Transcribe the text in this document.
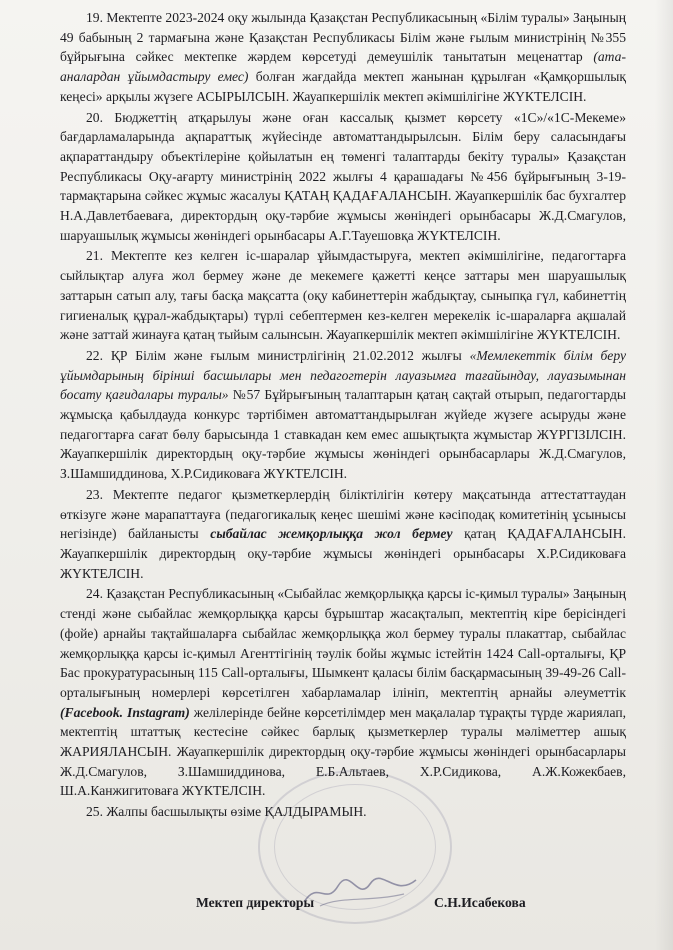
19. Мектепте 2023-2024 оқу жылында Қазақстан Республикасының «Білім туралы» Заңының 49 бабының 2 тармағына және Қазақстан Республикасы Білім және ғылым министрінің №355 бұйрығына сәйкес мектепке жәрдем көрсетуді демеушілік танытатын меценаттар (ата-аналардан ұйымдастыру емес) болған жағдайда мектеп жанынан құрылған «Қамқоршылық кеңесі» арқылы жүзеге АСЫРЫЛСЫН. Жауапкершілік мектеп әкімшілігіне ЖҮКТЕЛСІН.

20. Бюджеттің атқарылуы және оған кассалық қызмет көрсету «1С»/«1С-Мекеме» бағдарламаларында ақпараттық жүйесінде автоматтандырылсын. Білім беру саласындағы ақпараттандыру объектілеріне қойылатын ең төменгі талаптарды бекіту туралы» Қазақстан Республикасы Оқу-ағарту министрінің 2022 жылғы 4 қарашадағы №456 бұйрығының 3-19-тармақтарына сәйкес жұмыс жасалуы ҚАТАҢ ҚАДАҒАЛАНСЫН. Жауапкершілік бас бухгалтер Н.А.Давлетбаеваға, директордың оқу-тәрбие жұмысы жөніндегі орынбасары Ж.Д.Смагулов, шаруашылық жұмысы жөніндегі орынбасары А.Г.Тауешовқа ЖҮКТЕЛСІН.

21. Мектепте кез келген іс-шаралар ұйымдастыруға, мектеп әкімшілігіне, педагогтарға сыйлықтар алуға жол бермеу және де мекемеге қажетті кеңсе заттары мен шаруашылық заттарын сатып алу, тағы басқа мақсатта (оқу кабинеттерін жабдықтау, сыныпқа гүл, кабинеттің гигиеналық құрал-жабдықтары) түрлі себептермен кез-келген мерекелік іс-шараларға ақшалай және заттай жинауға қатаң тыйым салынсын. Жауапкершілік мектеп әкімшілігіне ЖҮКТЕЛСІН.

22. ҚР Білім және ғылым министрлігінің 21.02.2012 жылғы «Мемлекеттік білім беру ұйымдарының бірінші басшылары мен педагогтерін лауазымға тағайындау, лауазымынан босату қағидалары туралы» №57 Бұйрығының талаптарын қатаң сақтай отырып, педагогтарды жұмысқа қабылдауда конкурс тәртібімен автоматтандырылған жүйеде жүзеге асыруды және педагогтарға сағат бөлу барысында 1 ставкадан кем емес ашықтықта жұмыстар ЖҮРГІЗІЛСІН. Жауапкершілік директордың оқу-тәрбие жұмысы жөніндегі орынбасарлары Ж.Д.Смагулов, З.Шамшиддинова, Х.Р.Сидиковаға ЖҮКТЕЛСІН.

23. Мектепте педагог қызметкерлердің біліктілігін көтеру мақсатында аттестаттаудан өткізуге және марапаттауға (педагогикалық кеңес шешімі және кәсіподақ комитетінің ұсынысы негізінде) байланысты сыбайлас жемқорлыққа жол бермеу қатаң ҚАДАҒАЛАНСЫН. Жауапкершілік директордың оқу-тәрбие жұмысы жөніндегі орынбасары Х.Р.Сидиковаға ЖҮКТЕЛСІН.

24. Қазақстан Республикасының «Сыбайлас жемқорлыққа қарсы іс-қимыл туралы» Заңының стенді және сыбайлас жемқорлыққа қарсы бұрыштар жасақталып, мектептің кіре берісіндегі (фойе) арнайы тақтайшаларға сыбайлас жемқорлыққа жол бермеу туралы плакаттар, сыбайлас жемқорлыққа қарсы іс-қимыл Агенттігінің тәулік бойы жұмыс істейтін 1424 Call-орталығы, ҚР Бас прокуратурасының 115 Call-орталығы, Шымкент қаласы білім басқармасының 39-49-26 Call-орталығының номерлері көрсетілген хабарламалар ілініп, мектептің арнайы әлеуметтік (Facebook. Instagram) желілерінде бейне көрсетілімдер мен мақалалар тұрақты түрде жариялап, мектептің штаттық кестесіне сәйкес барлық қызметкерлер туралы мәліметтер ашық ЖАРИЯЛАНСЫН. Жауапкершілік директордың оқу-тәрбие жұмысы жөніндегі орынбасарлары Ж.Д.Смагулов, З.Шамшиддинова, Е.Б.Альтаев, Х.Р.Сидикова, А.Ж.Кожекбаев, Ш.А.Канжигитоваға ЖҮКТЕЛСІН.

25. Жалпы басшылықты өзіме ҚАЛДЫРАМЫН.

Мектеп директоры	С.Н.Исабекова
